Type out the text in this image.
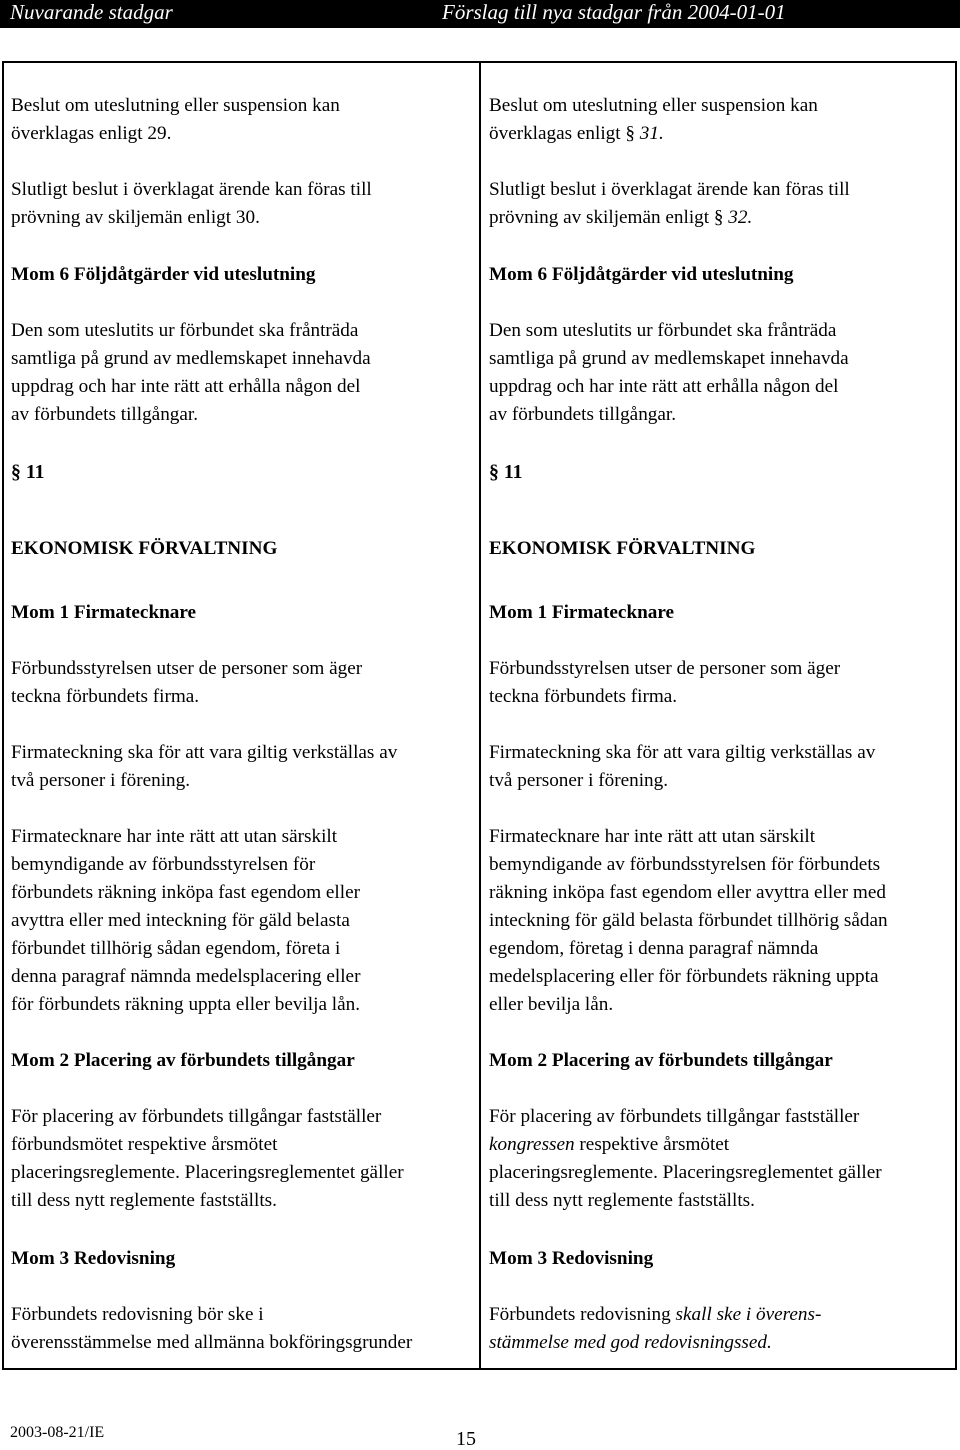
Nuvarande stadgar	Förslag till nya stadgar från 2004-01-01

Beslut om uteslutning eller suspension kan

överklagas enligt 29.

Slutligt beslut i överklagat ärende kan föras till

prövning av skiljemän enligt 30.

Mom 6 Följdåtgärder vid uteslutning

Den som uteslutits ur förbundet ska frånträda

samtliga på grund av medlemskapet innehavda

uppdrag och har inte rätt att erhålla någon del

av förbundets tillgångar.

§ 11

EKONOMISK FÖRVALTNING

Mom 1 Firmatecknare

Förbundsstyrelsen utser de personer som äger

teckna förbundets firma.

Firmateckning ska för att vara giltig verkställas av

två personer i förening.

Firmatecknare har inte rätt att utan särskilt

bemyndigande av förbundsstyrelsen för

förbundets räkning inköpa fast egendom eller

avyttra eller med inteckning för gäld belasta

förbundet tillhörig sådan egendom, företa i

denna paragraf nämnda medelsplacering eller

för förbundets räkning uppta eller bevilja lån.

Mom 2 Placering av förbundets tillgångar

För placering av förbundets tillgångar fastställer

förbundsmötet respektive årsmötet

placeringsreglemente. Placeringsreglementet gäller

till dess nytt reglemente fastställts.

Mom 3 Redovisning

Förbundets redovisning bör ske i

överensstämmelse med allmänna bokföringsgrunder

Beslut om uteslutning eller suspension kan

överklagas enligt § 31.

Slutligt beslut i överklagat ärende kan föras till

prövning av skiljemän enligt § 32.

Mom 6 Följdåtgärder vid uteslutning

Den som uteslutits ur förbundet ska frånträda

samtliga på grund av medlemskapet innehavda

uppdrag och har inte rätt att erhålla någon del

av förbundets tillgångar.

§ 11

EKONOMISK FÖRVALTNING

Mom 1 Firmatecknare

Förbundsstyrelsen utser de personer som äger

teckna förbundets firma.

Firmateckning ska för att vara giltig verkställas av

två personer i förening.

Firmatecknare har inte rätt att utan särskilt

bemyndigande av förbundsstyrelsen för förbundets

räkning inköpa fast egendom eller avyttra eller med

inteckning för gäld belasta förbundet tillhörig sådan

egendom, företag i denna paragraf nämnda

medelsplacering eller för förbundets räkning uppta

eller bevilja lån.

Mom 2 Placering av förbundets tillgångar

För placering av förbundets tillgångar fastställer

kongressen respektive årsmötet

placeringsreglemente. Placeringsreglementet gäller

till dess nytt reglemente fastställts.

Mom 3 Redovisning

Förbundets redovisning skall ske i överens-

stämmelse med god redovisningssed.

2003-08-21/IE	15
